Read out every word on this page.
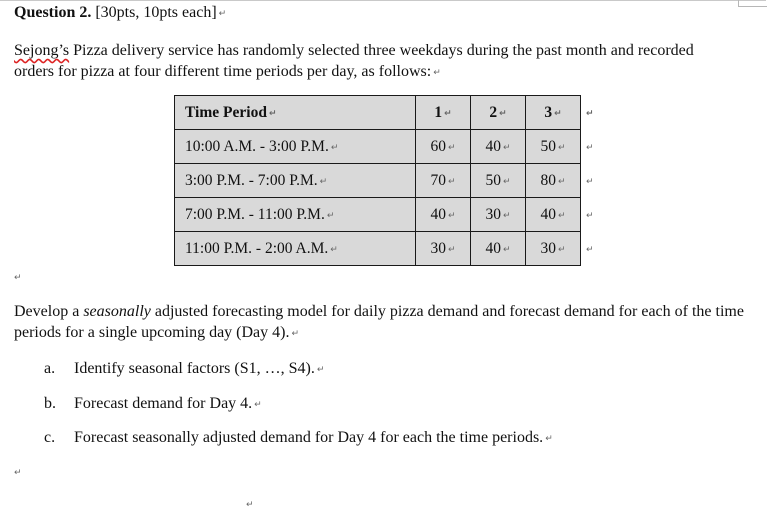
Question 2. [30pts, 10pts each] ↵
Sejong’s Pizza delivery service has randomly selected three weekdays during the past month and recorded orders for pizza at four different time periods per day, as follows: ↵
Time Period ↵	1 ↵	2 ↵	3 ↵	↵
10:00 A.M. - 3:00 P.M. ↵	60 ↵	40 ↵	50 ↵	↵
3:00 P.M. - 7:00 P.M. ↵	70 ↵	50 ↵	80 ↵	↵
7:00 P.M. - 11:00 P.M. ↵	40 ↵	30 ↵	40 ↵	↵
11:00 P.M. - 2:00 A.M. ↵	30 ↵	40 ↵	30 ↵	↵
↵
Develop a seasonally adjusted forecasting model for daily pizza demand and forecast demand for each of the time periods for a single upcoming day (Day 4). ↵
a. Identify seasonal factors (S1, …, S4). ↵
b. Forecast demand for Day 4. ↵
c. Forecast seasonally adjusted demand for Day 4 for each the time periods. ↵
↵
↵
